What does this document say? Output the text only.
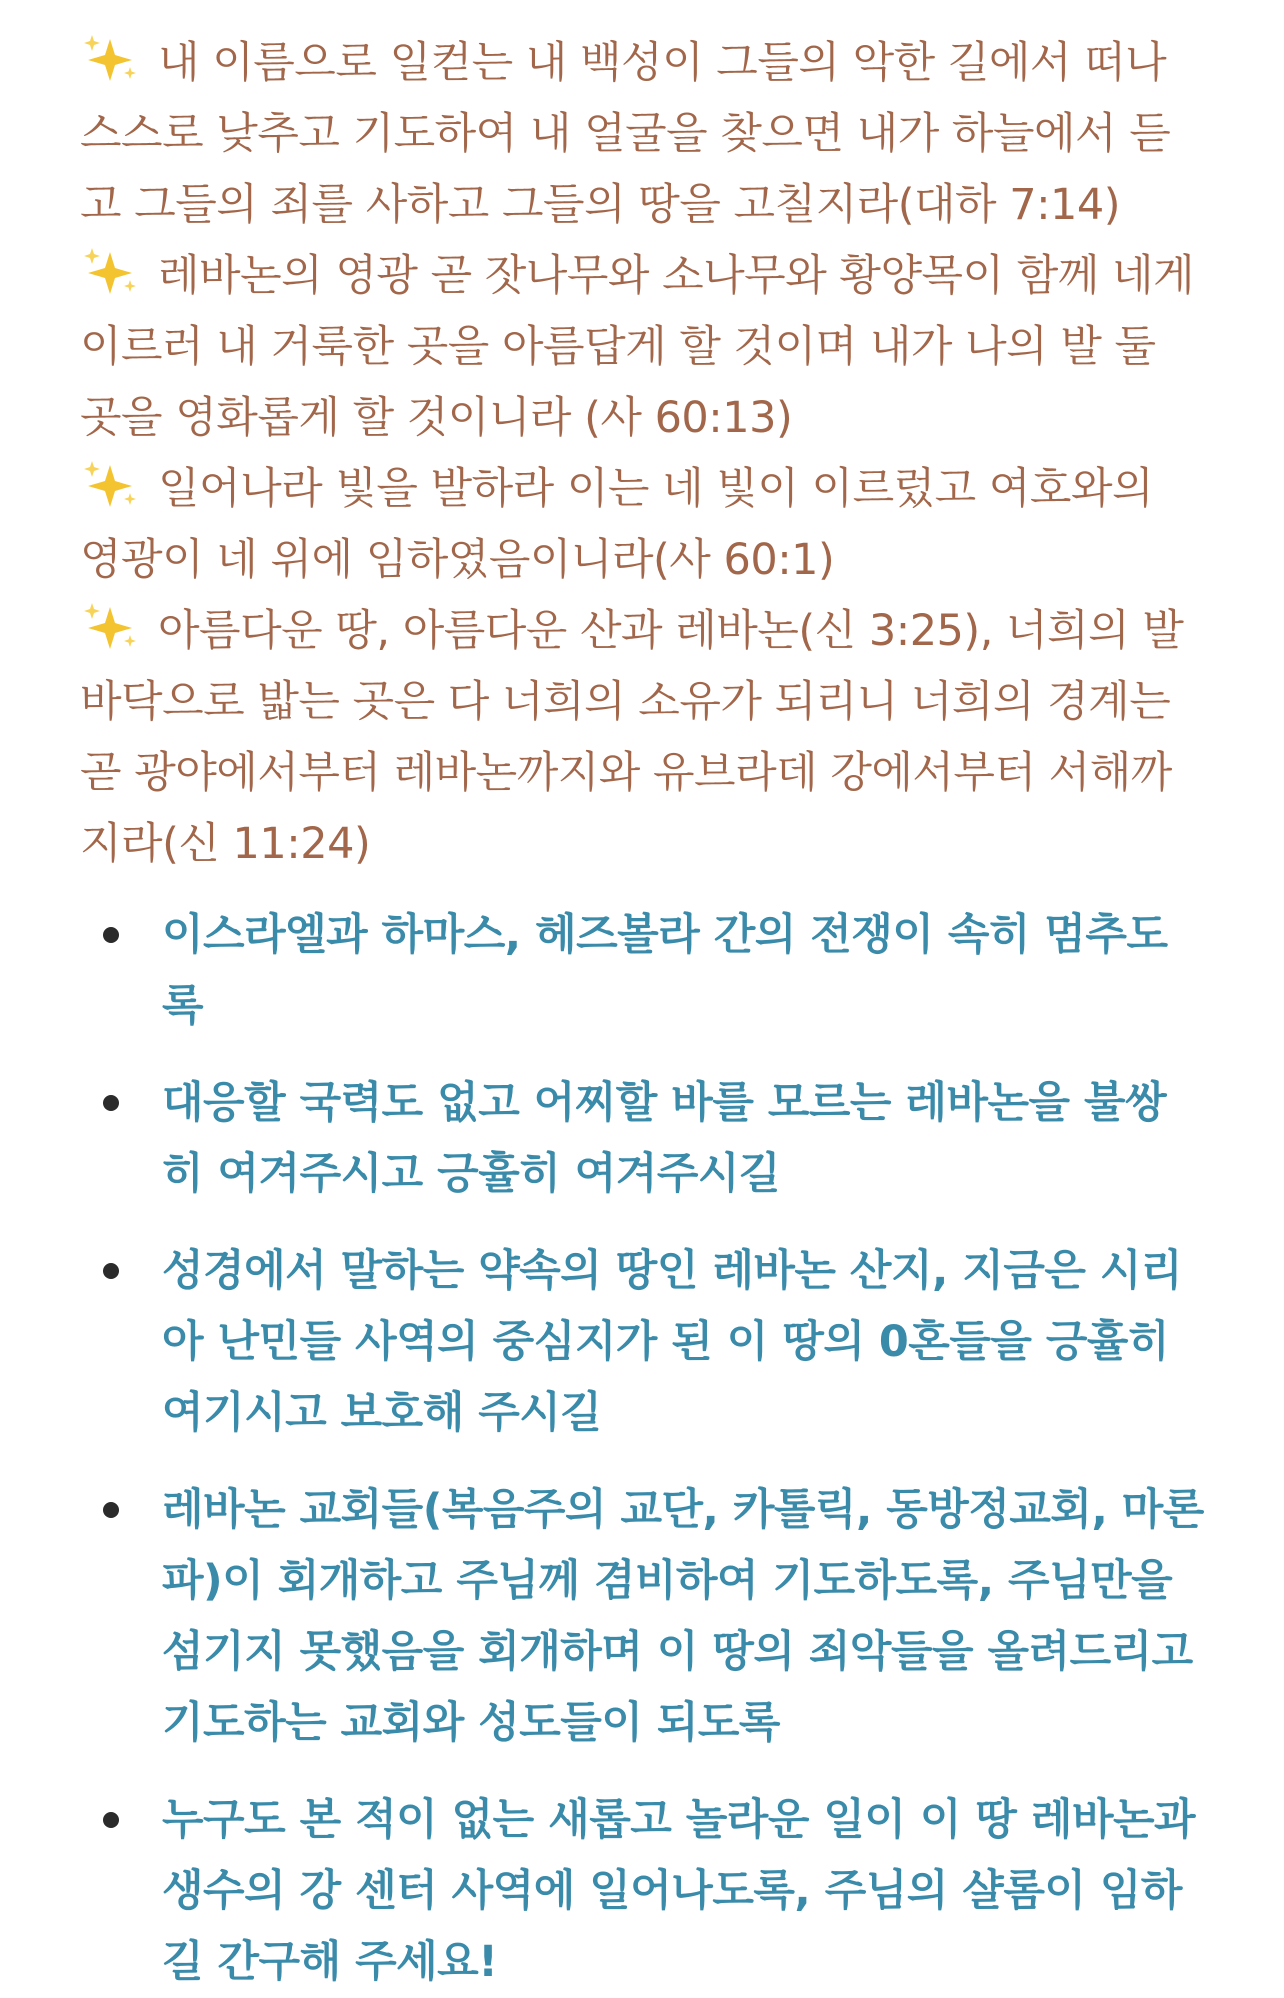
내 이름으로 일컫는 내 백성이 그들의 악한 길에서 떠나 스스로 낮추고 기도하여 내 얼굴을 찾으면 내가 하늘에서 듣고 그들의 죄를 사하고 그들의 땅을 고칠지라(대하 7:14)

레바논의 영광 곧 잣나무와 소나무와 황양목이 함께 네게 이르러 내 거룩한 곳을 아름답게 할 것이며 내가 나의 발 둘 곳을 영화롭게 할 것이니라 (사 60:13)

일어나라 빛을 발하라 이는 네 빛이 이르렀고 여호와의 영광이 네 위에 임하였음이니라(사 60:1)

아름다운 땅, 아름다운 산과 레바논(신 3:25), 너희의 발바닥으로 밟는 곳은 다 너희의 소유가 되리니 너희의 경계는 곧 광야에서부터 레바논까지와 유브라데 강에서부터 서해까지라(신 11:24)

이스라엘과 하마스, 헤즈볼라 간의 전쟁이 속히 멈추도록
대응할 국력도 없고 어찌할 바를 모르는 레바논을 불쌍히 여겨주시고 긍휼히 여겨주시길
성경에서 말하는 약속의 땅인 레바논 산지, 지금은 시리아 난민들 사역의 중심지가 된 이 땅의 0혼들을 긍휼히 여기시고 보호해 주시길
레바논 교회들(복음주의 교단, 카톨릭, 동방정교회, 마론파)이 회개하고 주님께 겸비하여 기도하도록, 주님만을 섬기지 못했음을 회개하며 이 땅의 죄악들을 올려드리고 기도하는 교회와 성도들이 되도록
누구도 본 적이 없는 새롭고 놀라운 일이 이 땅 레바논과 생수의 강 센터 사역에 일어나도록, 주님의 샬롬이 임하길 간구해 주세요!
